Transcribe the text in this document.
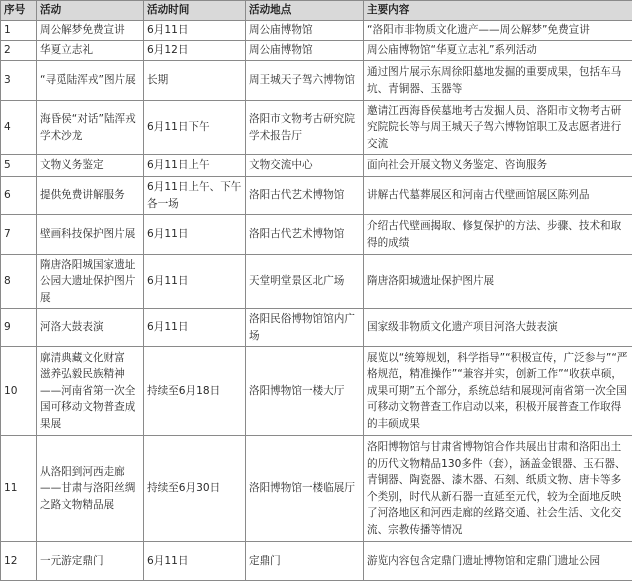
序号	活动	活动时间	活动地点	主要内容
1	周公解梦免费宣讲	6月11日	周公庙博物馆	“洛阳市非物质文化遗产——周公解梦”免费宣讲
2	华夏立志礼	6月12日	周公庙博物馆	周公庙博物馆“华夏立志礼”系列活动
3	“寻觅陆浑戎”图片展	长期	周王城天子驾六博物馆	通过图片展示东周徐阳墓地发掘的重要成果，包括车马坑、青铜器、玉器等
4	海昏侯“对话”陆浑戎学术沙龙	6月11日下午	洛阳市文物考古研究院学术报告厅	邀请江西海昏侯墓地考古发掘人员、洛阳市文物考古研究院院长等与周王城天子驾六博物馆职工及志愿者进行交流
5	文物义务鉴定	6月11日上午	文物交流中心	面向社会开展文物义务鉴定、咨询服务
6	提供免费讲解服务	6月11日上午、下午各一场	洛阳古代艺术博物馆	讲解古代墓葬展区和河南古代壁画馆展区陈列品
7	壁画科技保护图片展	6月11日	洛阳古代艺术博物馆	介绍古代壁画揭取、修复保护的方法、步骤、技术和取得的成绩
8	隋唐洛阳城国家遗址公园大遗址保护图片展	6月11日	天堂明堂景区北广场	隋唐洛阳城遗址保护图片展
9	河洛大鼓表演	6月11日	洛阳民俗博物馆馆内广场	国家级非物质文化遗产项目河洛大鼓表演
10	廓清典藏文化财富　滋养弘毅民族精神——河南省第一次全国可移动文物普查成果展	持续至6月18日	洛阳博物馆一楼大厅	展览以“统筹规划，科学指导”“积极宣传，广泛参与”“严格规范，精准操作”“兼容并实，创新工作”“收获卓硕，成果可期”五个部分，系统总结和展现河南省第一次全国可移动文物普查工作启动以来，积极开展普查工作取得的丰硕成果
11	从洛阳到河西走廊——甘肃与洛阳丝绸之路文物精品展	持续至6月30日	洛阳博物馆一楼临展厅	洛阳博物馆与甘肃省博物馆合作共展出甘肃和洛阳出土的历代文物精品130多件（套），涵盖金银器、玉石器、青铜器、陶瓷器、漆木器、石刻、纸质文物、唐卡等多个类别，时代从新石器一直延至元代，较为全面地反映了河洛地区和河西走廊的丝路交通、社会生活、文化交流、宗教传播等情况
12	一元游定鼎门	6月11日	定鼎门	游览内容包含定鼎门遗址博物馆和定鼎门遗址公园
